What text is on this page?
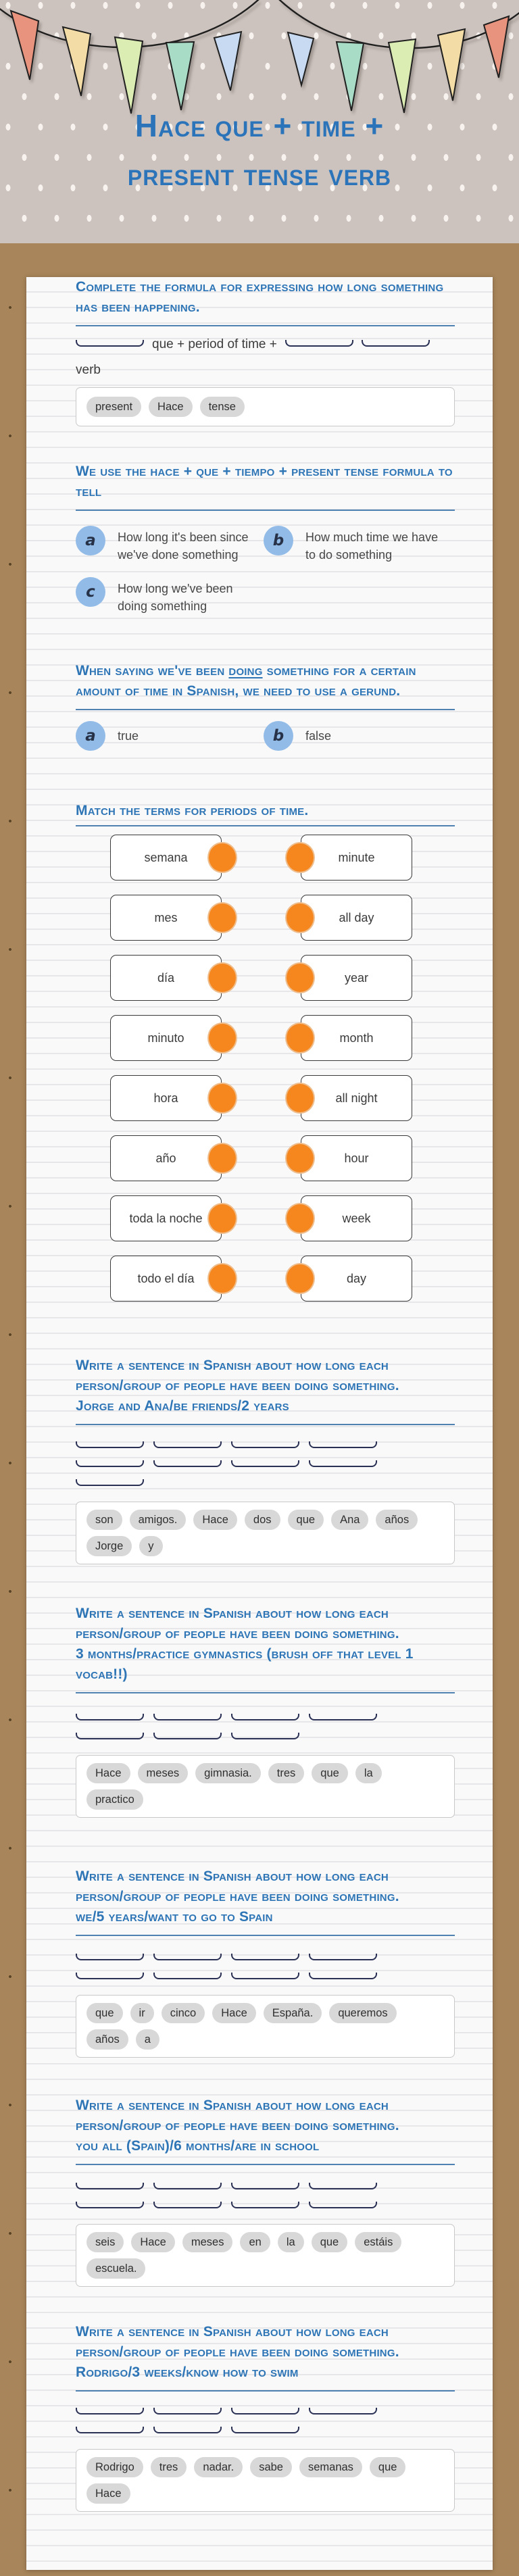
Hace que + time +
present tense verb
Complete the formula for expressing how long something has been happening.
que + period of time +
verb
present	Hace	tense
We use the hace + que + tiempo + present tense formula to tell
a	How long it's been since we've done something
b	How much time we have to do something
c	How long we've been doing something
When saying we've been doing something for a certain amount of time in Spanish, we need to use a gerund.
a	true	b	false
Match the terms for periods of time.
semana	minute
mes	all day
día	year
minuto	month
hora	all night
año	hour
toda la noche	week
todo el día	day
Write a sentence in Spanish about how long each person/group of people have been doing something.
Jorge and Ana/be friends/2 years
son	amigos.	Hace	dos	que	Ana	años
Jorge	y
Write a sentence in Spanish about how long each person/group of people have been doing something.
3 months/practice gymnastics (brush off that level 1 vocab!!)
Hace	meses	gimnasia.	tres	que	la
practico
Write a sentence in Spanish about how long each person/group of people have been doing something.
we/5 years/want to go to Spain
que	ir	cinco	Hace	España.	queremos
años	a
Write a sentence in Spanish about how long each person/group of people have been doing something.
you all (Spain)/6 months/are in school
seis	Hace	meses	en	la	que	estáis
escuela.
Write a sentence in Spanish about how long each person/group of people have been doing something.
Rodrigo/3 weeks/know how to swim
Rodrigo	tres	nadar.	sabe	semanas	que
Hace
